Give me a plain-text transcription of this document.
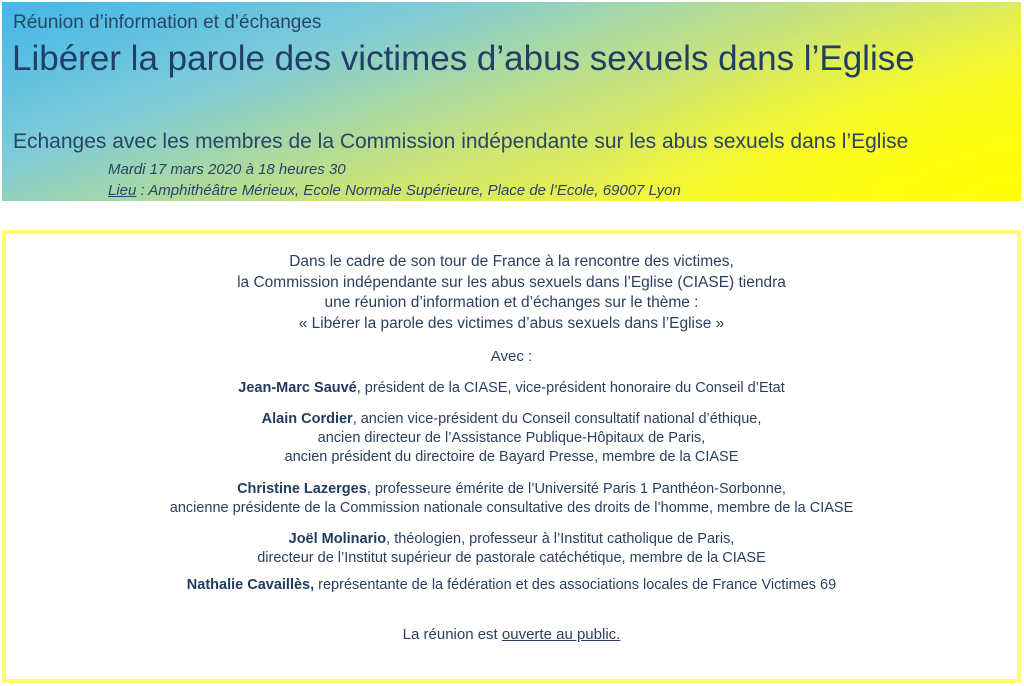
Réunion d’information et d’échanges
Libérer la parole des victimes d’abus sexuels dans l’Eglise
Echanges avec les membres de la Commission indépendante sur les abus sexuels dans l’Eglise
Mardi 17 mars 2020 à 18 heures 30
Lieu : Amphithéâtre Mérieux, Ecole Normale Supérieure, Place de l’Ecole, 69007 Lyon
Dans le cadre de son tour de France à la rencontre des victimes,
la Commission indépendante sur les abus sexuels dans l’Eglise (CIASE) tiendra
une réunion d’information et d’échanges sur le thème :
« Libérer la parole des victimes d’abus sexuels dans l’Eglise »
Avec :
Jean-Marc Sauvé, président de la CIASE, vice-président honoraire du Conseil d’Etat
Alain Cordier, ancien vice-président du Conseil consultatif national d’éthique,
ancien directeur de l’Assistance Publique-Hôpitaux de Paris,
ancien président du directoire de Bayard Presse, membre de la CIASE
Christine Lazerges, professeure émérite de l’Université Paris 1 Panthéon-Sorbonne,
ancienne présidente de la Commission nationale consultative des droits de l’homme, membre de la CIASE
Joël Molinario, théologien, professeur à l’Institut catholique de Paris,
directeur de l’Institut supérieur de pastorale catéchétique, membre de la CIASE
Nathalie Cavaillès, représentante de la fédération et des associations locales de France Victimes 69
La réunion est ouverte au public.
